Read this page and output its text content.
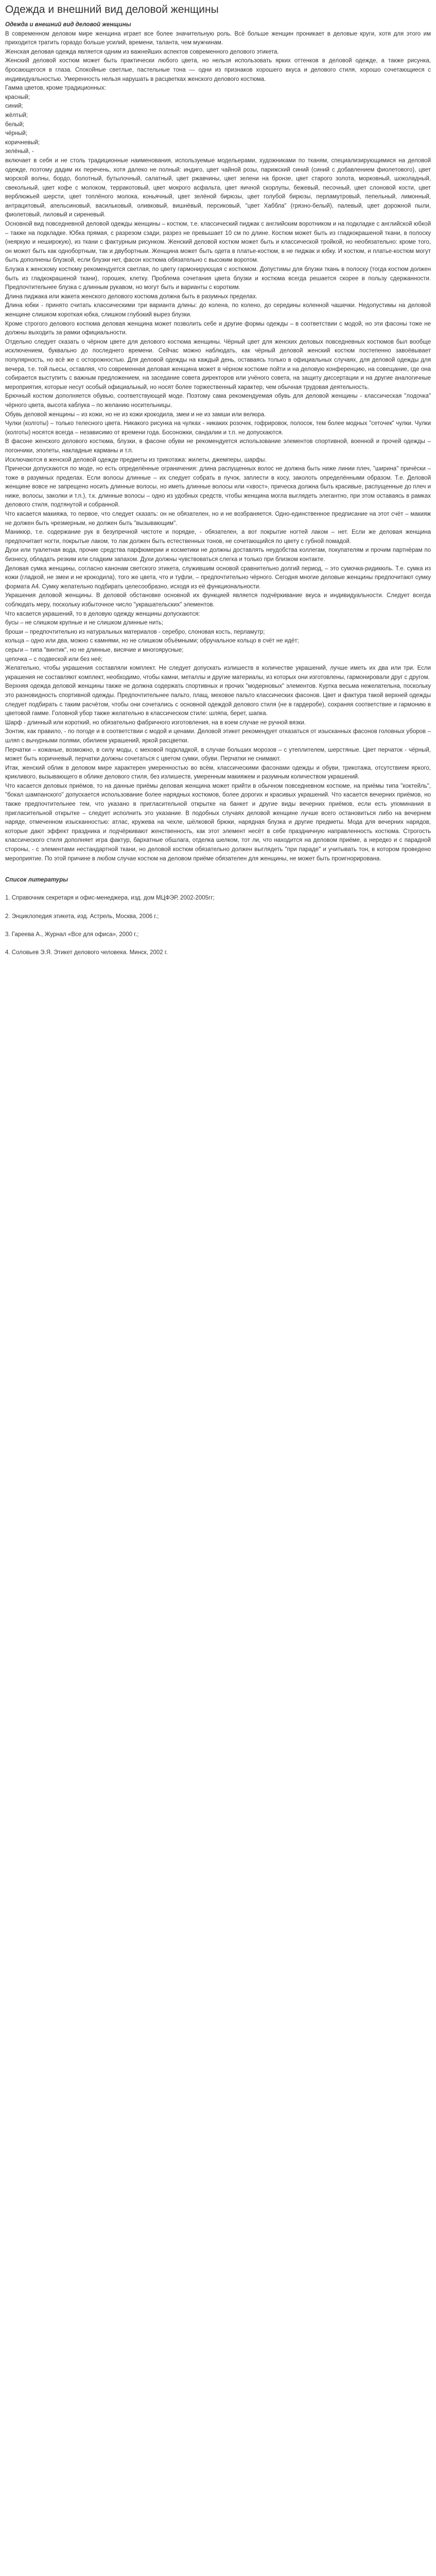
Одежда и внешний вид деловой женщины

Одежда и внешний вид деловой женщины

В современном деловом мире женщина играет все более значительную роль. Всё больше женщин проникает в деловые круги, хотя для этого им приходится тратить гораздо больше усилий, времени, таланта, чем мужчинам.

Женская деловая одежда является одним из важнейших аспектов современного делового этикета.

Женский деловой костюм может быть практически любого цвета, но нельзя использовать ярких оттенков в деловой одежде, а также рисунка, бросающегося в глаза. Спокойные светлые, пастельные тона — одни из признаков хорошего вкуса и делового стиля, хорошо сочетающиеся с индивидуальностью. Умеренность нельзя нарушать в расцветках женского делового костюма.

Гамма цветов, кроме традиционных:

красный;

синий;

жёлтый;

белый;

чёрный;

коричневый;

зелёный, -

включает в себя и не столь традиционные наименования, используемые модельерами, художниками по тканям, специализирующимися на деловой одежде, поэтому дадим их перечень, хотя далеко не полный: индиго, цвет чайной розы, парижский синий (синий с добавлением фиолетового), цвет морской волны, бордо, болотный, бутылочный, салатный, цвет ржавчины, цвет зелени на бронзе, цвет старого золота, морковный, шоколадный, свекольный, цвет кофе с молоком, терракотовый, цвет мокрого асфальта, цвет яичной скорлупы, бежевый, песочный, цвет слоновой кости, цвет верблюжьей шерсти, цвет топлёного молока, коньячный, цвет зелёной бирюзы, цвет голубой бирюзы, перламутровый, пепельный, лимонный, антрацитовый, апельсиновый, васильковый, оливковый, вишнёвый, персиковый, "цвет Хаббла" (грязно-белый), палевый, цвет дорожной пыли, фиолетовый, лиловый и сиреневый.

Основной вид повседневной деловой одежды женщины – костюм, т.е. классический пиджак с английским воротником и на подкладке с английской юбкой – также на подкладке. Юбка прямая, с разрезом сзади, разрез не превышает 10 см по длине. Костюм может быть из гладкокрашеной ткани, в полоску (неяркую и неширокую), из ткани с фактурным рисунком. Женский деловой костюм может быть и классической тройкой, но необязательно: кроме того, он может быть как однобортным, так и двубортным. Женщина может быть одета в платье-костюм, в не пиджак и юбку. И костюм, и платье-костюм могут быть дополнены блузкой, если блузки нет, фасон костюма обязательно с высоким воротом.

Блузка к женскому костюму рекомендуется светлая, по цвету гармонирующая с костюмом. Допустимы для блузки ткань в полоску (тогда костюм должен быть из гладкокрашеной ткани), горошек, клетку. Проблема сочетания цвета блузки и костюма всегда решается скорее в пользу сдержанности. Предпочтительнее блузка с длинным рукавом, но могут быть и варианты с коротким.

Длина пиджака или жакета женского делового костюма должна быть в разумных пределах.

Длина юбки - принято считать классическими три варианта длины: до колена, по колено, до середины коленной чашечки. Недопустимы на деловой женщине слишком короткая юбка, слишком глубокий вырез блузки.

Кроме строгого делового костюма деловая женщина может позволить себе и другие формы одежды – в соответствии с модой, но эти фасоны тоже не должны выходить за рамки официальности.

Отдельно следует сказать о чёрном цвете для делового костюма женщины. Чёрный цвет для женских деловых повседневных костюмов был вообще исключением, буквально до последнего времени. Сейчас можно наблюдать, как чёрный деловой женский костюм постепенно завоёвывает популярность, но всё же с осторожностью. Для деловой одежды на каждый день, оставаясь только в официальных случаях, для деловой одежды для вечера, т.е. той пьесы, оставляя, что современная деловая женщина может в чёрном костюме пойти и на деловую конференцию, на совещание, где она собирается выступить с важным предложением, на заседание совета директоров или учёного совета, на защиту диссертации и на другие аналогичные мероприятия, которые несут особый официальный, но носят более торжественный характер, чем обычная трудовая деятельность.

Брючный костюм дополняется обувью, соответствующей моде. Поэтому сама рекомендуемая обувь для деловой женщины - классическая "лодочка" чёрного цвета, высота каблука – по желанию носительницы.

Обувь деловой женщины – из кожи, но не из кожи крокодила, змеи и не из замши или велюра.

Чулки (колготы) – только телесного цвета. Никакого рисунка на чулках - никаких розочек, гофрировок, полосок, тем более модных "сеточек" чулки. Чулки (колготы) носятся всегда – независимо от времени года. Босоножки, сандалии и т.п. не допускаются.

В фасоне женского делового костюма, блузки, в фасоне обуви не рекомендуется использование элементов спортивной, военной и прочей одежды – погончики, эполеты, накладные карманы и т.п.

Исключаются в женской деловой одежде предметы из трикотажа: жилеты, джемперы, шарфы.

Прически допускаются по моде, но есть определённые ограничения: длина распущенных волос не должна быть ниже линии плеч, "ширина" причёски – тоже в разумных пределах. Если волосы длинные – их следует собрать в пучок, заплести в косу, заколоть определёнными образом. Т.е. Деловой женщине вовсе не запрещено носить длинные волосы, но иметь длинные волосы или «хвост», прическа должна быть красивые, распущенные до плеч и ниже, волосы, заколки и т.п.), т.к. длинные волосы – одно из удобных средств, чтобы женщина могла выглядеть элегантно, при этом оставаясь в рамках делового стиля, подтянутой и собранной.

Что касается макияжа, то первое, что следует сказать: он не обязателен, но и не возбраняется. Одно-единственное предписание на этот счёт – макияж не должен быть чрезмерным, не должен быть "вызывающим".

Маникюр, т.е. содержание рук в безупречной чистоте и порядке, - обязателен, а вот покрытие ногтей лаком – нет. Если же деловая женщина предпочитает ногти, покрытые лаком, то лак должен быть естественных тонов, не сочетающийся по цвету с губной помадой.

Духи или туалетная вода, прочие средства парфюмерии и косметики не должны доставлять неудобства коллегам, покупателям и прочим партнёрам по бизнесу, обладать резким или сладким запахом. Духи должны чувствоваться слегка и только при близком контакте.

Деловая сумка женщины, согласно канонам светского этикета, служившим основой сравнительно долгий период, – это сумочка-ридикюль. Т.е. сумка из кожи (гладкой, не змеи и не крокодила), того же цвета, что и туфли, – предпочтительно чёрного. Сегодня многие деловые женщины предпочитают сумку формата А4. Сумку желательно подбирать целесообразно, исходя из её функциональности.

Украшения деловой женщины. В деловой обстановке основной их функцией является подчёркивание вкуса и индивидуальности. Следует всегда соблюдать меру, поскольку избыточное число "украшательских" элементов.

Что касается украшений, то в деловую одежду женщины допускаются:

бусы – не слишком крупные и не слишком длинные нить;

броши – предпочтительно из натуральных материалов - серебро, слоновая кость, перламутр;

кольца – одно или два, можно с камнями, но не слишком объёмными; обручальное кольцо в счёт не идёт;

серьги – типа "винтик", но не длинные, висячие и многоярусные;

цепочка – с подвеской или без неё;

Желательно, чтобы украшения составляли комплект. Не следует допускать излишеств в количестве украшений, лучше иметь их два или три. Если украшения не составляют комплект, необходимо, чтобы камни, металлы и другие материалы, из которых они изготовлены, гармонировали друг с другом.

Верхняя одежда деловой женщины также не должна содержать спортивных и прочих "модерновых" элементов. Куртка весьма нежелательна, поскольку это разновидность спортивной одежды. Предпочтительнее пальто, плащ, меховое пальто классических фасонов. Цвет и фактура такой верхней одежды следует подбирать с таким расчётом, чтобы они сочетались с основной одеждой делового стиля (не в гардеробе), сохраняя соответствие и гармонию в цветовой гамме. Головной убор также желательно в классическом стиле: шляпа, берет, шапка.

Шарф - длинный или короткий, но обязательно фабричного изготовления, на в коем случае не ручной вязки.

Зонтик, как правило, - по погоде и в соответствии с модой и ценами. Деловой этикет рекомендует отказаться от изысканных фасонов головных уборов – шляп с вычурными полями, обилием украшений, яркой расцветки.

Перчатки – кожаные, возможно, в силу моды, с меховой подкладкой, в случае больших морозов – с утеплителем, шерстяные. Цвет перчаток - чёрный, может быть коричневый, перчатки должны сочетаться с цветом сумки, обуви. Перчатки не снимают.

Итак, женский облик в деловом мире характерен умеренностью во всём, классическими фасонами одежды и обуви, трикотажа, отсутствием яркого, крикливого, вызывающего в облике делового стиля, без излишеств, умеренным макияжем и разумным количеством украшений.

Что касается деловых приёмов, то на данные приёмы деловая женщина может прийти в обычном повседневном костюме, на приёмы типа "коктейль", "бокал шампанского" допускается использование более нарядных костюмов, более дорогих и красивых украшений. Что касается вечерних приёмов, но также предпочтительнее тем, что указано в пригласительной открытке на банкет и другие виды вечерних приёмов, если есть упоминания в пригласительной открытке – следует исполнить это указание. В подобных случаях деловой женщине лучше всего остановиться либо на вечернем наряде, отмеченном изысканностью: атлас, кружева на чехле, шёлковой брюки, нарядная блузка и другие предметы. Мода для вечерних нарядов, которые дают эффект праздника и подчёркивают женственность, как этот элемент несёт в себе праздничную направленность костюма. Строгость классического стиля дополняет игра фактур, бархатные обшлага, отделка шелком, тот ли, что находится на деловом приёме, а нередко и с парадной стороны, - с элементами нестандартной ткани, но деловой костюм обязательно должен выглядеть "при параде" и учитывать тон, в котором проведено мероприятие. По этой причине в любом случае костюм на деловом приёме обязателен для женщины, не может быть проигнорирована.

Список литературы

1. Справочник секретаря и офис-менеджера, изд. дом МЦФЭР, 2002-2005гг;

2. Энциклопедия этикета, изд. Астрель, Москва, 2006 г.;

3. Гареева А., Журнал «Все для офиса», 2000 г.;

4. Соловьев Э.Я. Этикет делового человека. Минск, 2002 г.
